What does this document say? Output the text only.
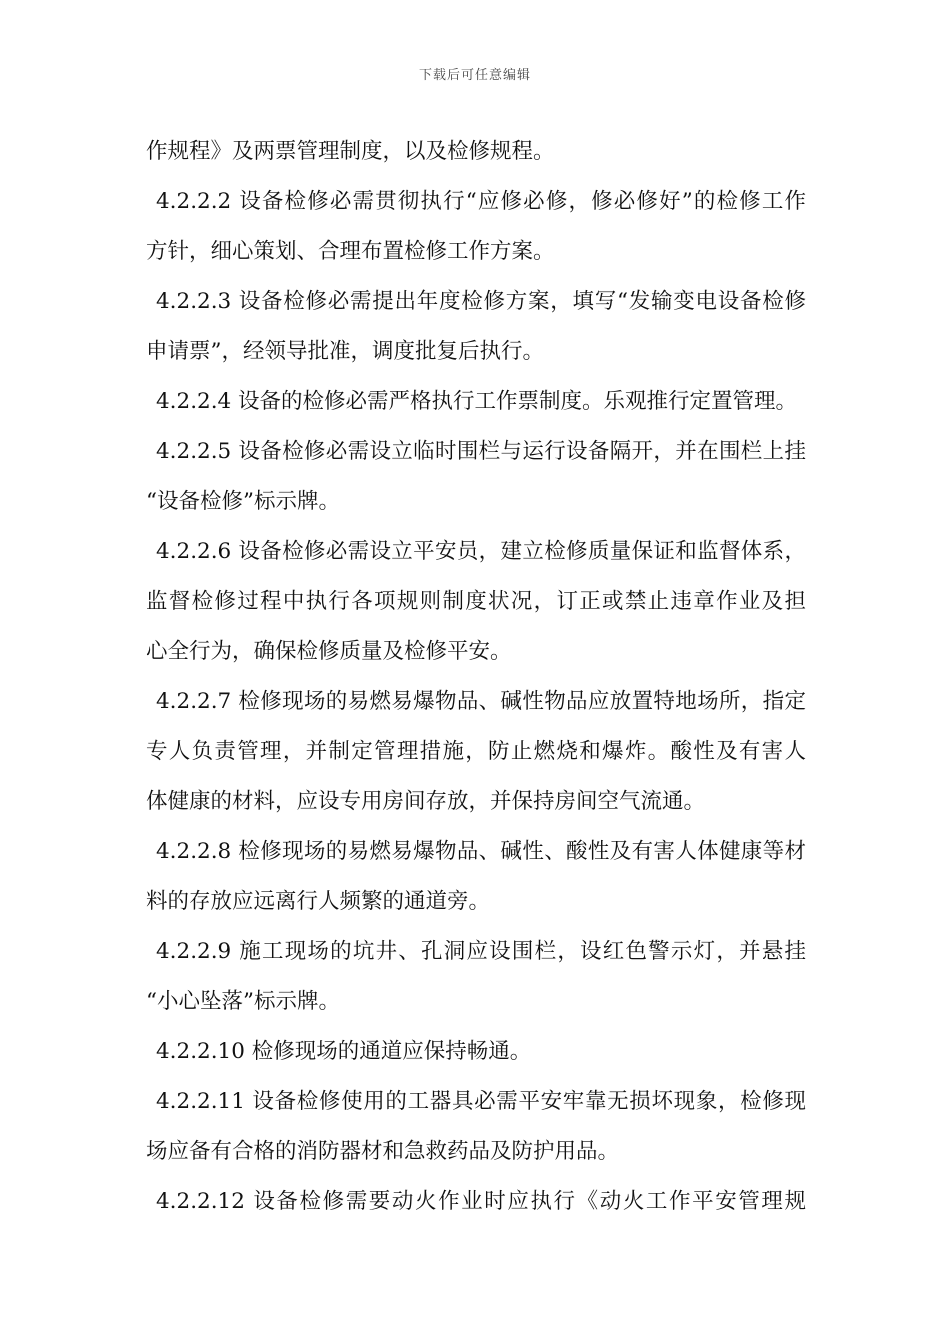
下载后可任意编辑
作规程》及两票管理制度，以及检修规程。
4.2.2.2 设备检修必需贯彻执行“应修必修，修必修好”的检修工作
方针，细心策划、合理布置检修工作方案。
4.2.2.3 设备检修必需提出年度检修方案，填写“发输变电设备检修
申请票”，经领导批准，调度批复后执行。
4.2.2.4 设备的检修必需严格执行工作票制度。乐观推行定置管理。
4.2.2.5 设备检修必需设立临时围栏与运行设备隔开，并在围栏上挂
“设备检修”标示牌。
4.2.2.6 设备检修必需设立平安员，建立检修质量保证和监督体系，
监督检修过程中执行各项规则制度状况，订正或禁止违章作业及担
心全行为，确保检修质量及检修平安。
4.2.2.7 检修现场的易燃易爆物品、碱性物品应放置特地场所，指定
专人负责管理，并制定管理措施，防止燃烧和爆炸。酸性及有害人
体健康的材料，应设专用房间存放，并保持房间空气流通。
4.2.2.8 检修现场的易燃易爆物品、碱性、酸性及有害人体健康等材
料的存放应远离行人频繁的通道旁。
4.2.2.9 施工现场的坑井、孔洞应设围栏，设红色警示灯，并悬挂
“小心坠落”标示牌。
4.2.2.10 检修现场的通道应保持畅通。
4.2.2.11 设备检修使用的工器具必需平安牢靠无损坏现象，检修现
场应备有合格的消防器材和急救药品及防护用品。
4.2.2.12 设备检修需要动火作业时应执行《动火工作平安管理规
